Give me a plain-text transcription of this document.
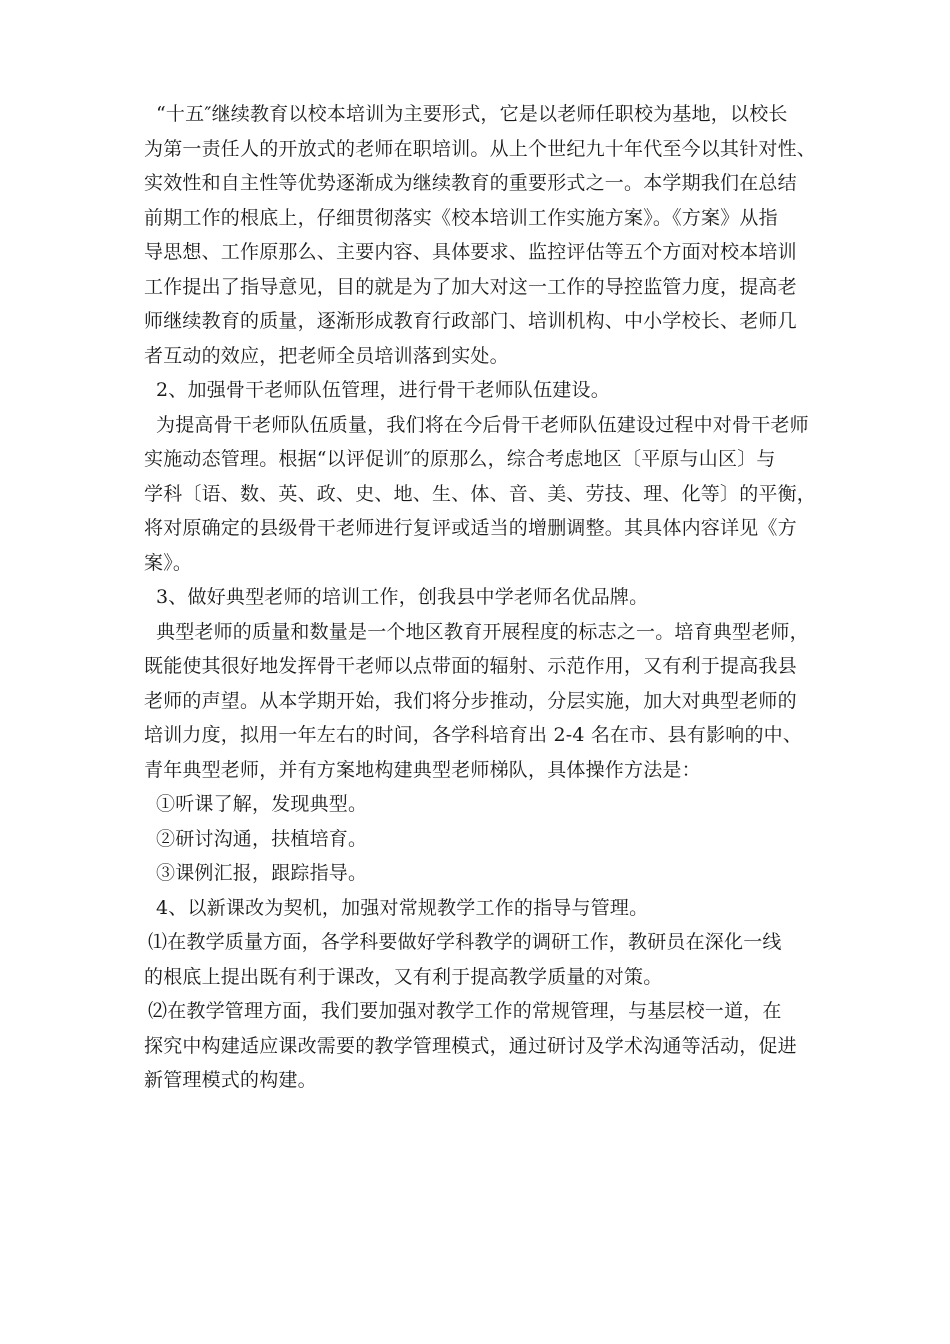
“十五″继续教育以校本培训为主要形式，它是以老师任职校为基地，以校长
为第一责任人的开放式的老师在职培训。从上个世纪九十年代至今以其针对性、
实效性和自主性等优势逐渐成为继续教育的重要形式之一。本学期我们在总结
前期工作的根底上，仔细贯彻落实《校本培训工作实施方案》。《方案》从指
导思想、工作原那么、主要内容、具体要求、监控评估等五个方面对校本培训
工作提出了指导意见，目的就是为了加大对这一工作的导控监管力度，提高老
师继续教育的质量，逐渐形成教育行政部门、培训机构、中小学校长、老师几
者互动的效应，把老师全员培训落到实处。
2、加强骨干老师队伍管理，进行骨干老师队伍建设。
为提高骨干老师队伍质量，我们将在今后骨干老师队伍建设过程中对骨干老师
实施动态管理。根据“以评促训″的原那么，综合考虑地区〔平原与山区〕与
学科〔语、数、英、政、史、地、生、体、音、美、劳技、理、化等〕的平衡，
将对原确定的县级骨干老师进行复评或适当的增删调整。其具体内容详见《方
案》。
3、做好典型老师的培训工作，创我县中学老师名优品牌。
典型老师的质量和数量是一个地区教育开展程度的标志之一。培育典型老师，
既能使其很好地发挥骨干老师以点带面的辐射、示范作用，又有利于提高我县
老师的声望。从本学期开始，我们将分步推动，分层实施，加大对典型老师的
培训力度，拟用一年左右的时间，各学科培育出 2-4 名在市、县有影响的中、
青年典型老师，并有方案地构建典型老师梯队，具体操作方法是：
①听课了解，发现典型。
②研讨沟通，扶植培育。
③课例汇报，跟踪指导。
4、以新课改为契机，加强对常规教学工作的指导与管理。
⑴在教学质量方面，各学科要做好学科教学的调研工作，教研员在深化一线
的根底上提出既有利于课改，又有利于提高教学质量的对策。
⑵在教学管理方面，我们要加强对教学工作的常规管理，与基层校一道，在
探究中构建适应课改需要的教学管理模式，通过研讨及学术沟通等活动，促进
新管理模式的构建。
